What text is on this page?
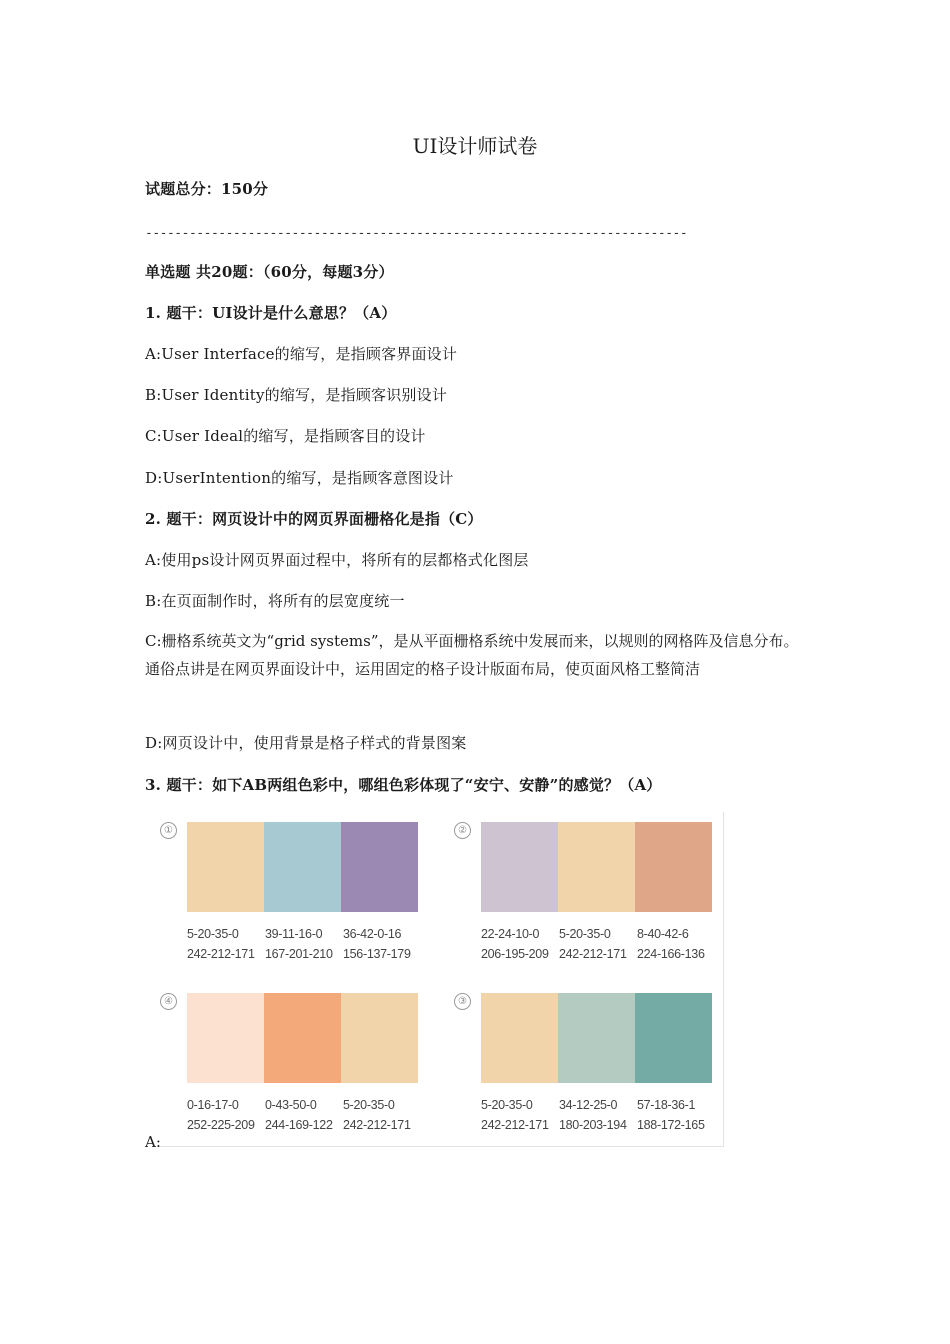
UI设计师试卷
试题总分：150分
--------------------------------------------------------------------------
单选题 共20题：（60分，每题3分）
1. 题干：UI设计是什么意思？（A）
A:User Interface的缩写，是指顾客界面设计
B:User Identity的缩写，是指顾客识别设计
C:User Ideal的缩写，是指顾客目的设计
D:UserIntention的缩写，是指顾客意图设计
2. 题干：网页设计中的网页界面栅格化是指（C）
A:使用ps设计网页界面过程中，将所有的层都格式化图层
B:在页面制作时，将所有的层宽度统一
C:栅格系统英文为“grid systems”，是从平面栅格系统中发展而来，以规则的网格阵及信息分布。通俗点讲是在网页界面设计中，运用固定的格子设计版面布局，使页面风格工整简洁
D:网页设计中，使用背景是格子样式的背景图案
3. 题干：如下AB两组色彩中，哪组色彩体现了“安宁、安静”的感觉？（A）
①
5-20-35-0
242-212-171
39-11-16-0
167-201-210
36-42-0-16
156-137-179
②
22-24-10-0
206-195-209
5-20-35-0
242-212-171
8-40-42-6
224-166-136
④
0-16-17-0
252-225-209
0-43-50-0
244-169-122
5-20-35-0
242-212-171
③
5-20-35-0
242-212-171
34-12-25-0
180-203-194
57-18-36-1
188-172-165
A:
